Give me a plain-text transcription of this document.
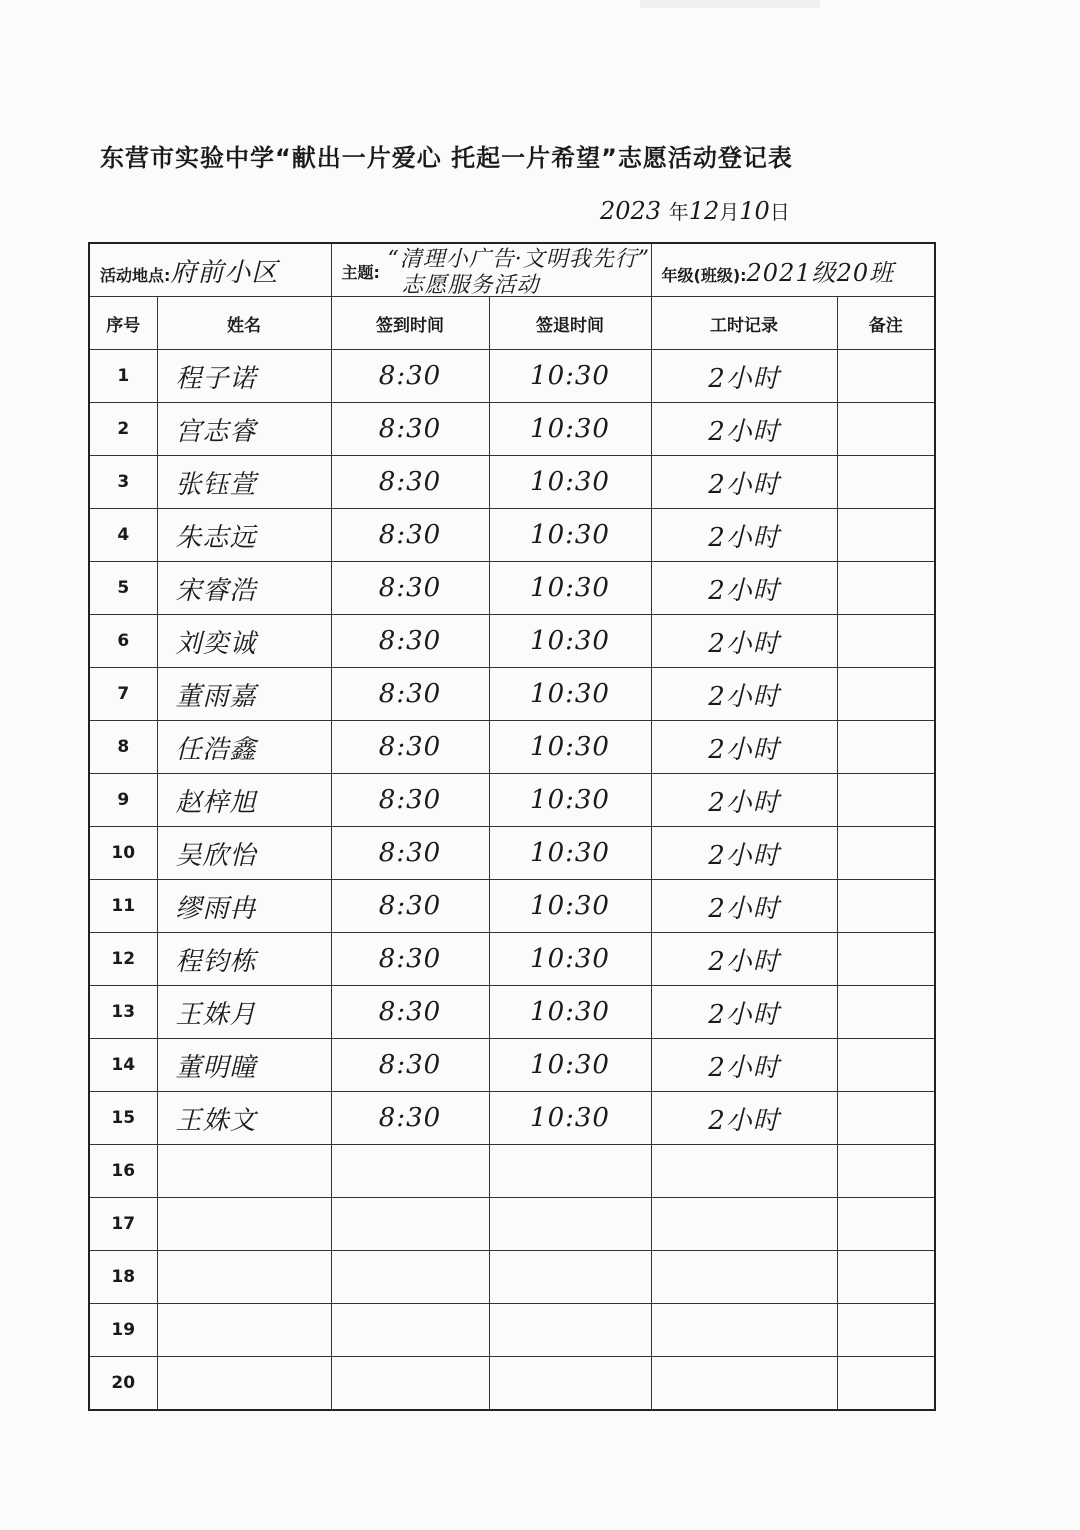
东营市实验中学“献出一片爱心 托起一片希望”志愿活动登记表
2023 年12月10日
活动地点:府前小区		主题:
“清理小广告·文明我先行”
志愿服务活动		年级(班级):2021级20班	
序号	姓名	签到时间	签退时间	工时记录	备注
1	程子诺	8:30	10:30	2小时	
2	宫志睿	8:30	10:30	2小时	
3	张钰萱	8:30	10:30	2小时	
4	朱志远	8:30	10:30	2小时	
5	宋睿浩	8:30	10:30	2小时	
6	刘奕诚	8:30	10:30	2小时	
7	董雨嘉	8:30	10:30	2小时	
8	任浩鑫	8:30	10:30	2小时	
9	赵梓旭	8:30	10:30	2小时	
10	吴欣怡	8:30	10:30	2小时	
11	缪雨冉	8:30	10:30	2小时	
12	程钧栋	8:30	10:30	2小时	
13	王姝月	8:30	10:30	2小时	
14	董明瞳	8:30	10:30	2小时	
15	王姝文	8:30	10:30	2小时	
16					
17					
18					
19					
20					
